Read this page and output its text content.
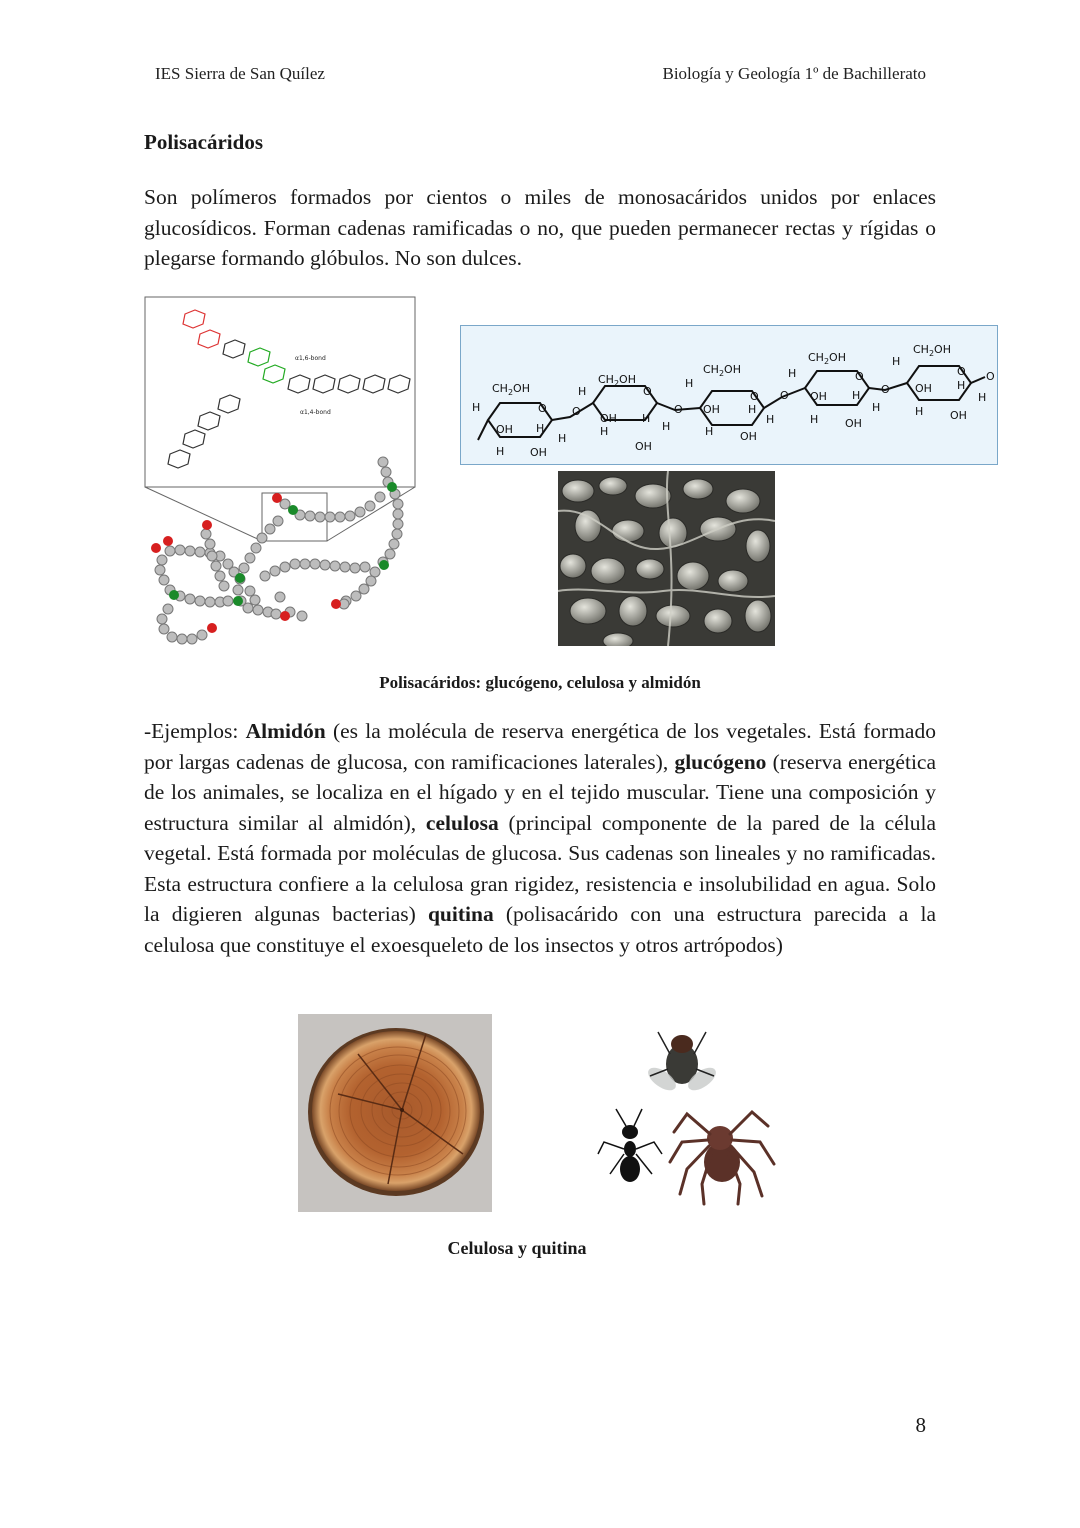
IES Sierra de San Quílez	Biología y Geología 1º de Bachillerato
Polisacáridos
Son polímeros formados por cientos o miles de monosacáridos unidos por enlaces glucosídicos. Forman cadenas ramificadas o no, que pueden permanecer rectas y rígidas o plegarse formando glóbulos. No son dulces.
α1,6-bond
α1,4-bond
$CH_2OH$
$CH_2OH$
$CH_2OH$
$CH_2OH$
$CH_2OH$
OH
OH
OH
OH
OH
OH
OH
OH
OH
OH
H
H
H
H
H
H
H
H
H
H
H
H
H
H
H
H
H
H
H
H
O
O	O
O	O
O	O
O	O
O
Polisacáridos: glucógeno, celulosa y almidón
-Ejemplos: Almidón (es la molécula de reserva energética de los vegetales. Está formado por largas cadenas de glucosa, con ramificaciones laterales), glucógeno (reserva energética de los animales, se localiza en el hígado y en el tejido muscular. Tiene una composición y estructura similar al almidón), celulosa (principal componente de la pared de la célula vegetal. Está formada por moléculas de glucosa. Sus cadenas son lineales y no ramificadas. Esta estructura confiere a la celulosa gran rigidez, resistencia e insolubilidad en agua. Solo la digieren algunas bacterias) quitina (polisacárido con una estructura parecida a la celulosa que constituye el exoesqueleto de los insectos y otros artrópodos)
Celulosa y quitina
8
